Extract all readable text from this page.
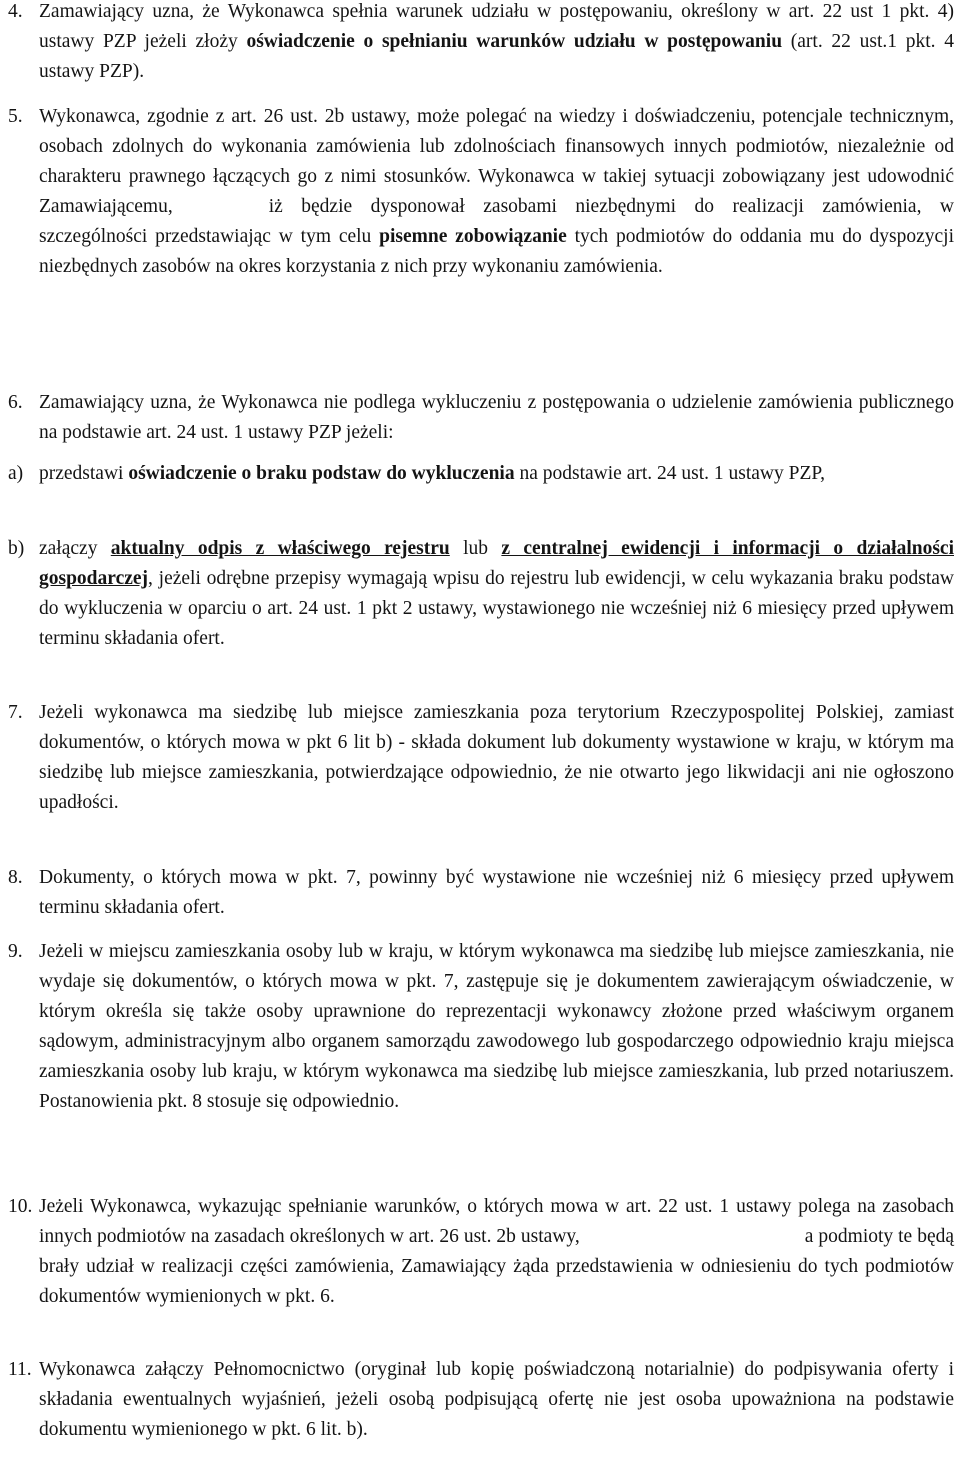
4. Zamawiający uzna, że Wykonawca spełnia warunek udziału w postępowaniu, określony w art. 22 ust 1 pkt. 4) ustawy PZP jeżeli złoży oświadczenie o spełnianiu warunków udziału w postępowaniu (art. 22 ust.1 pkt. 4 ustawy PZP).

5. Wykonawca, zgodnie z art. 26 ust. 2b ustawy, może polegać na wiedzy i doświadczeniu, potencjale technicznym, osobach zdolnych do wykonania zamówienia lub zdolnościach finansowych innych podmiotów, niezależnie od charakteru prawnego łączących go z nimi stosunków. Wykonawca w takiej sytuacji zobowiązany jest udowodnić Zamawiającemu,	iż będzie dysponował zasobami niezbędnymi do realizacji zamówienia, w szczególności przedstawiając w tym celu pisemne zobowiązanie tych podmiotów do oddania mu do dyspozycji niezbędnych zasobów na okres korzystania z nich przy wykonaniu zamówienia.

6. Zamawiający uzna, że Wykonawca nie podlega wykluczeniu z postępowania o udzielenie zamówienia publicznego na podstawie art. 24 ust. 1 ustawy PZP jeżeli:

a) przedstawi oświadczenie o braku podstaw do wykluczenia na podstawie art. 24 ust. 1 ustawy PZP,

b) załączy aktualny odpis z właściwego rejestru lub z centralnej ewidencji i informacji o działalności gospodarczej, jeżeli odrębne przepisy wymagają wpisu do rejestru lub ewidencji, w celu wykazania braku podstaw do wykluczenia w oparciu o art. 24 ust. 1 pkt 2 ustawy, wystawionego nie wcześniej niż 6 miesięcy przed upływem terminu składania ofert.

7. Jeżeli wykonawca ma siedzibę lub miejsce zamieszkania poza terytorium Rzeczypospolitej Polskiej, zamiast dokumentów, o których mowa w pkt 6 lit b) - składa dokument lub dokumenty wystawione w kraju, w którym ma siedzibę lub miejsce zamieszkania, potwierdzające odpowiednio, że nie otwarto jego likwidacji ani nie ogłoszono upadłości.

8. Dokumenty, o których mowa w pkt. 7, powinny być wystawione nie wcześniej niż 6 miesięcy przed upływem terminu składania ofert.

9. Jeżeli w miejscu zamieszkania osoby lub w kraju, w którym wykonawca ma siedzibę lub miejsce zamieszkania, nie wydaje się dokumentów, o których mowa w pkt. 7, zastępuje się je dokumentem zawierającym oświadczenie, w którym określa się także osoby uprawnione do reprezentacji wykonawcy złożone przed właściwym organem sądowym, administracyjnym albo organem samorządu zawodowego lub gospodarczego odpowiednio kraju miejsca zamieszkania osoby lub kraju, w którym wykonawca ma siedzibę lub miejsce zamieszkania, lub przed notariuszem. Postanowienia pkt. 8 stosuje się odpowiednio.

10. Jeżeli Wykonawca, wykazując spełnianie warunków, o których mowa w art. 22 ust. 1 ustawy polega na zasobach innych podmiotów na zasadach określonych w art. 26 ust. 2b ustawy,	a podmioty te będą brały udział w realizacji części zamówienia, Zamawiający żąda przedstawienia w odniesieniu do tych podmiotów dokumentów wymienionych w pkt. 6.

11. Wykonawca załączy Pełnomocnictwo (oryginał lub kopię poświadczoną notarialnie) do podpisywania oferty i składania ewentualnych wyjaśnień, jeżeli osobą podpisującą ofertę nie jest osoba upoważniona na podstawie dokumentu wymienionego w pkt. 6 lit. b).
